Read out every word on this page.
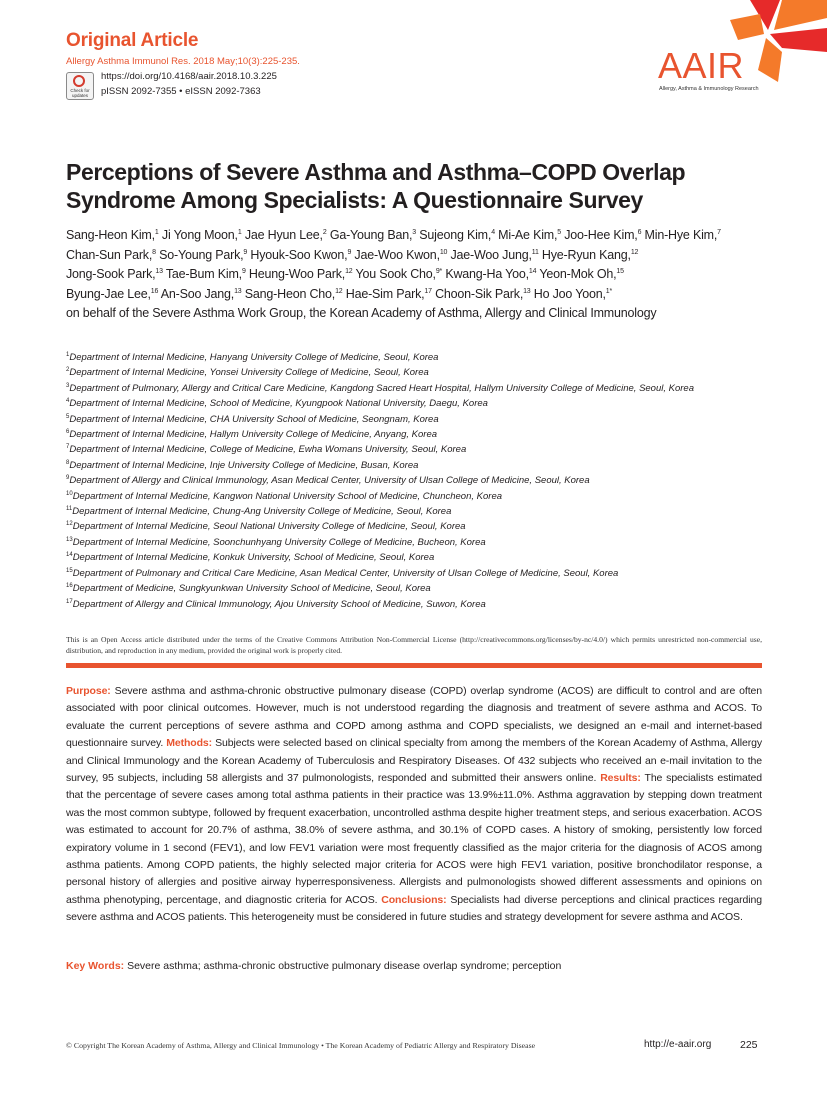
Original Article
Allergy Asthma Immunol Res. 2018 May;10(3):225-235.
Check for updates
https://doi.org/10.4168/aair.2018.10.3.225
pISSN 2092-7355 • eISSN 2092-7363
AAIR
Allergy, Asthma & Immunology Research
Perceptions of Severe Asthma and Asthma–COPD Overlap Syndrome Among Specialists: A Questionnaire Survey
Sang-Heon Kim,$^1$ Ji Yong Moon,$^1$ Jae Hyun Lee,$^2$ Ga-Young Ban,$^3$ Sujeong Kim,$^4$ Mi-Ae Kim,$^5$ Joo-Hee Kim,$^6$ Min-Hye Kim,$^7$
Chan-Sun Park,$^8$ So-Young Park,$^9$ Hyouk-Soo Kwon,$^9$ Jae-Woo Kwon,$^{10}$ Jae-Woo Jung,$^{11}$ Hye-Ryun Kang,$^{12}$
Jong-Sook Park,$^{13}$ Tae-Bum Kim,$^9$ Heung-Woo Park,$^{12}$ You Sook Cho,$^{9*}$ Kwang-Ha Yoo,$^{14}$ Yeon-Mok Oh,$^{15}$
Byung-Jae Lee,$^{16}$ An-Soo Jang,$^{13}$ Sang-Heon Cho,$^{12}$ Hae-Sim Park,$^{17}$ Choon-Sik Park,$^{13}$ Ho Joo Yoon,$^{1*}$
on behalf of the Severe Asthma Work Group, the Korean Academy of Asthma, Allergy and Clinical Immunology
$^1$Department of Internal Medicine, Hanyang University College of Medicine, Seoul, Korea
$^2$Department of Internal Medicine, Yonsei University College of Medicine, Seoul, Korea
$^3$Department of Pulmonary, Allergy and Critical Care Medicine, Kangdong Sacred Heart Hospital, Hallym University College of Medicine, Seoul, Korea
$^4$Department of Internal Medicine, School of Medicine, Kyungpook National University, Daegu, Korea
$^5$Department of Internal Medicine, CHA University School of Medicine, Seongnam, Korea
$^6$Department of Internal Medicine, Hallym University College of Medicine, Anyang, Korea
$^7$Department of Internal Medicine, College of Medicine, Ewha Womans University, Seoul, Korea
$^8$Department of Internal Medicine, Inje University College of Medicine, Busan, Korea
$^9$Department of Allergy and Clinical Immunology, Asan Medical Center, University of Ulsan College of Medicine, Seoul, Korea
$^{10}$Department of Internal Medicine, Kangwon National University School of Medicine, Chuncheon, Korea
$^{11}$Department of Internal Medicine, Chung-Ang University College of Medicine, Seoul, Korea
$^{12}$Department of Internal Medicine, Seoul National University College of Medicine, Seoul, Korea
$^{13}$Department of Internal Medicine, Soonchunhyang University College of Medicine, Bucheon, Korea
$^{14}$Department of Internal Medicine, Konkuk University, School of Medicine, Seoul, Korea
$^{15}$Department of Pulmonary and Critical Care Medicine, Asan Medical Center, University of Ulsan College of Medicine, Seoul, Korea
$^{16}$Department of Medicine, Sungkyunkwan University School of Medicine, Seoul, Korea
$^{17}$Department of Allergy and Clinical Immunology, Ajou University School of Medicine, Suwon, Korea
This is an Open Access article distributed under the terms of the Creative Commons Attribution Non-Commercial License (http://creativecommons.org/licenses/by-nc/4.0/) which permits unrestricted non-commercial use, distribution, and reproduction in any medium, provided the original work is properly cited.
Purpose: Severe asthma and asthma-chronic obstructive pulmonary disease (COPD) overlap syndrome (ACOS) are difficult to control and are often associated with poor clinical outcomes. However, much is not understood regarding the diagnosis and treatment of severe asthma and ACOS. To evaluate the current perceptions of severe asthma and COPD among asthma and COPD specialists, we designed an e-mail and internet-based questionnaire survey. Methods: Subjects were selected based on clinical specialty from among the members of the Korean Academy of Asthma, Allergy and Clinical Immunology and the Korean Academy of Tuberculosis and Respiratory Diseases. Of 432 subjects who received an e-mail invitation to the survey, 95 subjects, including 58 allergists and 37 pulmonologists, responded and submitted their answers online. Results: The specialists estimated that the percentage of severe cases among total asthma patients in their practice was 13.9%±11.0%. Asthma aggravation by stepping down treatment was the most common subtype, followed by frequent exacerbation, uncontrolled asthma despite higher treatment steps, and serious exacerbation. ACOS was estimated to account for 20.7% of asthma, 38.0% of severe asthma, and 30.1% of COPD cases. A history of smoking, persistently low forced expiratory volume in 1 second (FEV1), and low FEV1 variation were most frequently classified as the major criteria for the diagnosis of ACOS among asthma patients. Among COPD patients, the highly selected major criteria for ACOS were high FEV1 variation, positive bronchodilator response, a personal history of allergies and positive airway hyperresponsiveness. Allergists and pulmonologists showed different assessments and opinions on asthma phenotyping, percentage, and diagnostic criteria for ACOS. Conclusions: Specialists had diverse perceptions and clinical practices regarding severe asthma and ACOS patients. This heterogeneity must be considered in future studies and strategy development for severe asthma and ACOS.
Key Words: Severe asthma; asthma-chronic obstructive pulmonary disease overlap syndrome; perception
© Copyright The Korean Academy of Asthma, Allergy and Clinical Immunology • The Korean Academy of Pediatric Allergy and Respiratory Disease	http://e-aair.org	225
